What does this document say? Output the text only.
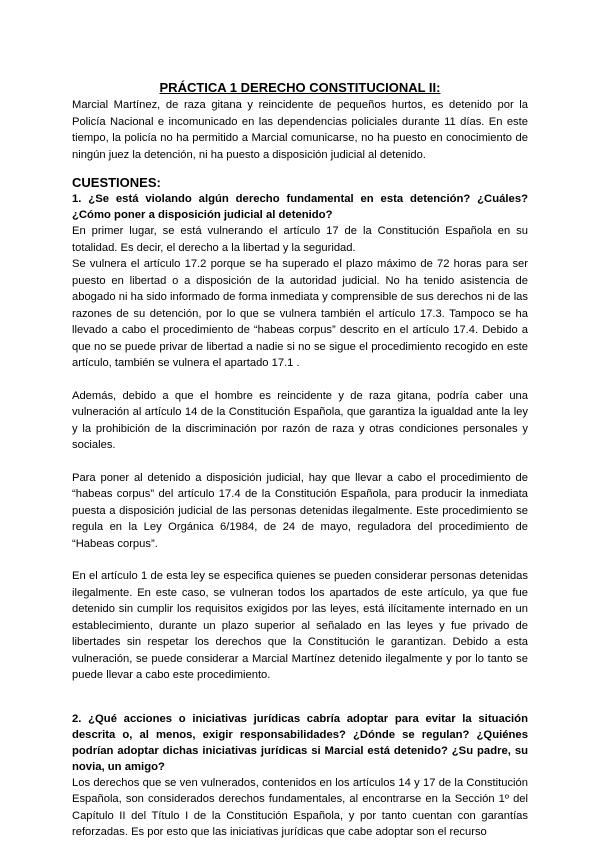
PRÁCTICA 1 DERECHO CONSTITUCIONAL II:

Marcial Martínez, de raza gitana y reincidente de pequeños hurtos, es detenido por la Policía Nacional e incomunicado en las dependencias policiales durante 11 días. En este tiempo, la policía no ha permitido a Marcial comunicarse, no ha puesto en conocimiento de ningún juez la detención, ni ha puesto a disposición judicial al detenido.

CUESTIONES:
1. ¿Se está violando algún derecho fundamental en esta detención? ¿Cuáles? ¿Cómo poner a disposición judicial al detenido?

En primer lugar, se está vulnerando el artículo 17 de la Constitución Española en su totalidad. Es decir, el derecho a la libertad y la seguridad.

Se vulnera el artículo 17.2 porque se ha superado el plazo máximo de 72 horas para ser puesto en libertad o a disposición de la autoridad judicial. No ha tenido asistencia de abogado ni ha sido informado de forma inmediata y comprensible de sus derechos ni de las razones de su detención, por lo que se vulnera también el artículo 17.3. Tampoco se ha llevado a cabo el procedimiento de “habeas corpus” descrito en el artículo 17.4. Debido a que no se puede privar de libertad a nadie si no se sigue el procedimiento recogido en este artículo, también se vulnera el apartado 17.1 .

Además, debido a que el hombre es reincidente y de raza gitana, podría caber una vulneración al artículo 14 de la Constitución Española, que garantiza la igualdad ante la ley y la prohibición de la discriminación por razón de raza y otras condiciones personales y sociales.

Para poner al detenido a disposición judicial, hay que llevar a cabo el procedimiento de “habeas corpus” del artículo 17.4 de la Constitución Española, para producir la inmediata puesta a disposición judicial de las personas detenidas ilegalmente. Este procedimiento se regula en la Ley Orgánica 6/1984, de 24 de mayo, reguladora del procedimiento de “Habeas corpus”.

En el artículo 1 de esta ley se especifica quienes se pueden considerar personas detenidas ilegalmente. En este caso, se vulneran todos los apartados de este artículo, ya que fue detenido sin cumplir los requisitos exigidos por las leyes, está ilícitamente internado en un establecimiento, durante un plazo superior al señalado en las leyes y fue privado de libertades sin respetar los derechos que la Constitución le garantizan. Debido a esta vulneración, se puede considerar a Marcial Martínez detenido ilegalmente y por lo tanto se puede llevar a cabo este procedimiento.

2. ¿Qué acciones o iniciativas jurídicas cabría adoptar para evitar la situación descrita o, al menos, exigir responsabilidades? ¿Dónde se regulan? ¿Quiénes podrían adoptar dichas iniciativas jurídicas si Marcial está detenido? ¿Su padre, su novia, un amigo?

Los derechos que se ven vulnerados, contenidos en los artículos 14 y 17 de la Constitución Española, son considerados derechos fundamentales, al encontrarse en la Sección 1º del Capítulo II del Título I de la Constitución Española, y por tanto cuentan con garantías reforzadas. Es por esto que las iniciativas jurídicas que cabe adoptar son el recurso
